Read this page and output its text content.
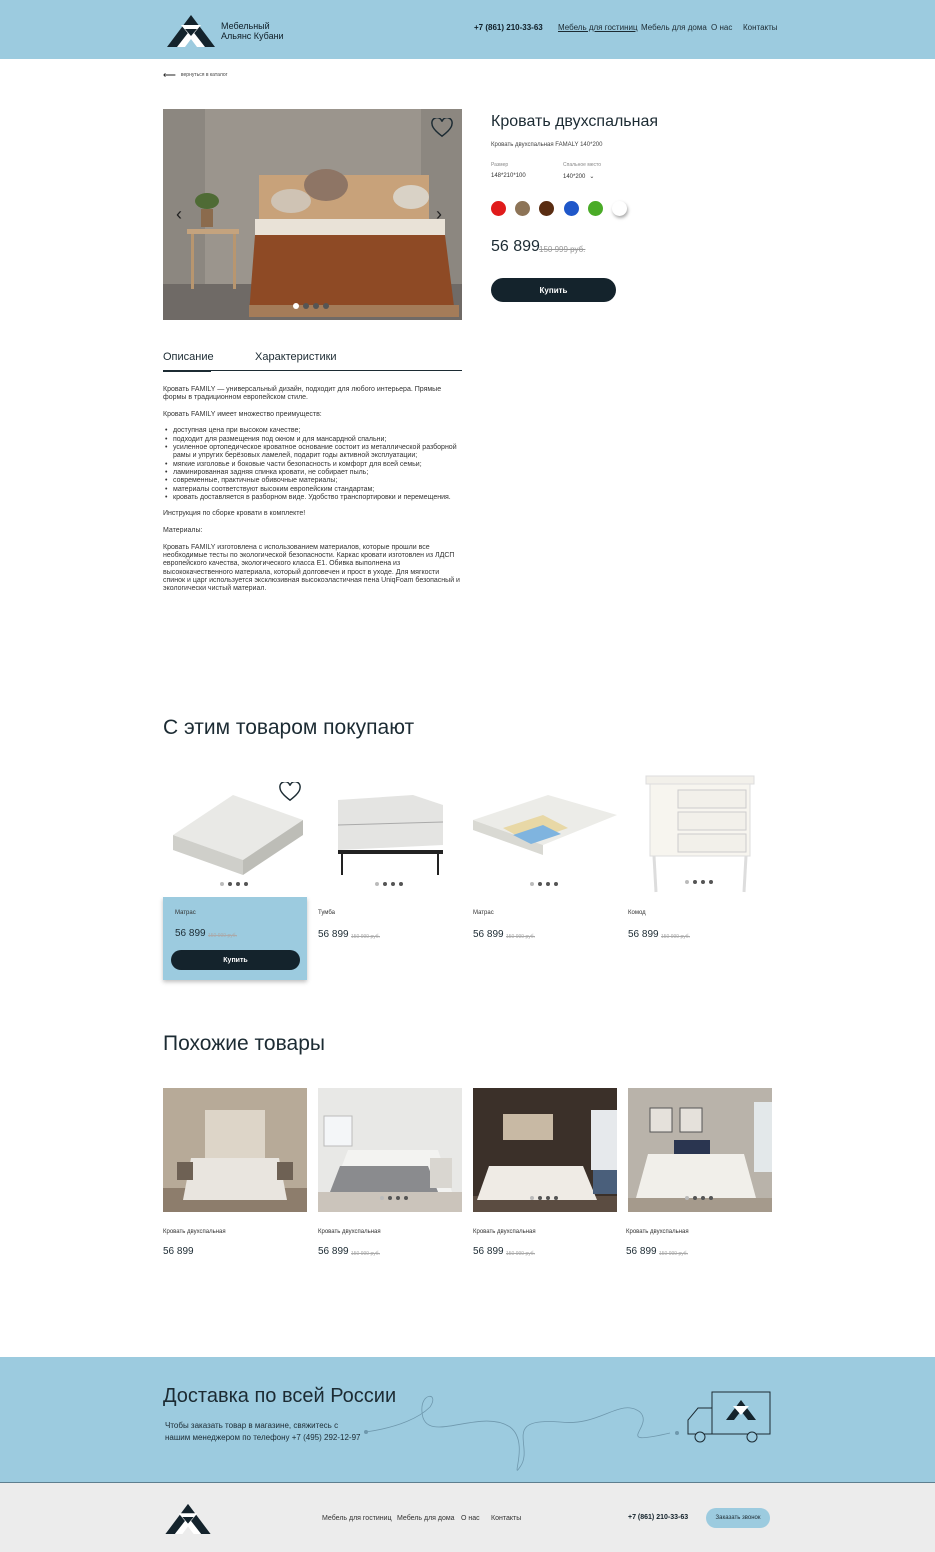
Мебельный
Альянс Кубани
+7 (861) 210-33-63 Мебель для гостиниц Мебель для дома О нас Контакты
⟵ вернуться в каталог
‹	›
Кровать двухспальная
Кровать двухспальная FAMALY 140*200
Размер
148*210*100
Спальное место
140*200 ⌄
56 899 150 999 руб.
Купить
Описание	Характеристики

Кровать FAMILY — универсальный дизайн, подходит для любого интерьера. Прямые формы в традиционном европейском стиле.

Кровать FAMILY имеет множество преимуществ:

• доступная цена при высоком качестве;
• подходит для размещения под окном и для мансардной спальни;
• усиленное ортопедическое кроватное основание состоит из металлической разборной рамы и упругих берёзовых ламелей, подарит годы активной эксплуатации;
• мягкие изголовье и боковые части безопасность и комфорт для всей семьи;
• ламинированная задняя спинка кровати, не собирает пыль;
• современные, практичные обивочные материалы;
• материалы соответствуют высоким европейским стандартам;
• кровать доставляется в разборном виде. Удобство транспортировки и перемещения.

Инструкция по сборке кровати в комплекте!

Материалы:

Кровать FAMILY изготовлена с использованием материалов, которые прошли все необходимые тесты по экологической безопасности. Каркас кровати изготовлен из ЛДСП европейского качества, экологического класса Е1. Обивка выполнена из высококачественного материала, который долговечен и прост в уходе. Для мягкости спинок и царг используется эксклюзивная высокоэластичная пена UniqFoam безопасный и экологически чистый материал.

С этим товаром покупают
Матрас
56 899 150 999 руб.
Купить
Тумба
56 899 150 999 руб.
Матрас
56 899 150 999 руб.
Комод
56 899 150 999 руб.
Похожие товары
Кровать двухспальная
56 899
Кровать двухспальная
56 899 150 999 руб.
Кровать двухспальная
56 899 150 999 руб.
Кровать двухспальная
56 899 150 999 руб.
Доставка по всей России
Чтобы заказать товар в магазине, свяжитесь с нашим менеджером по телефону +7 (495) 292-12-97
Мебель для гостиниц Мебель для дома О нас Контакты	+7 (861) 210-33-63	Заказать звонок
